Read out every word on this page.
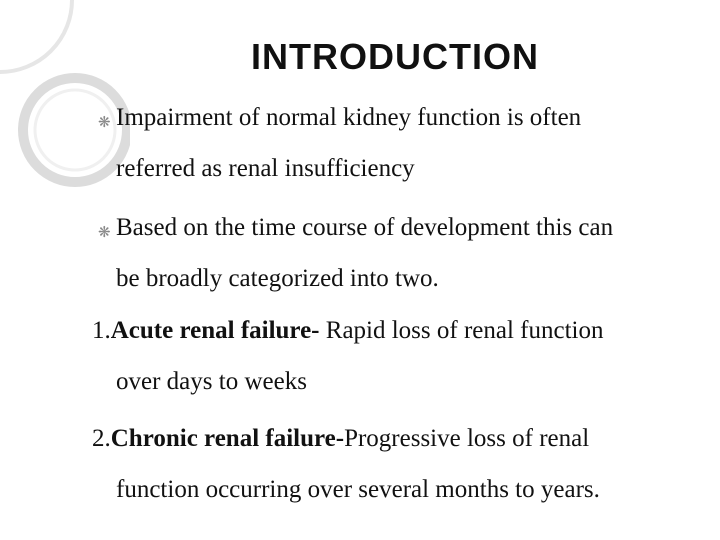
INTRODUCTION
❋ Impairment of normal kidney function is often
referred as renal insufficiency
❋ Based on the time course of development this can
be broadly categorized into two.
1.Acute renal failure- Rapid loss of renal function
over days to weeks
2.Chronic renal failure-Progressive loss of renal
function occurring over several months to years.
